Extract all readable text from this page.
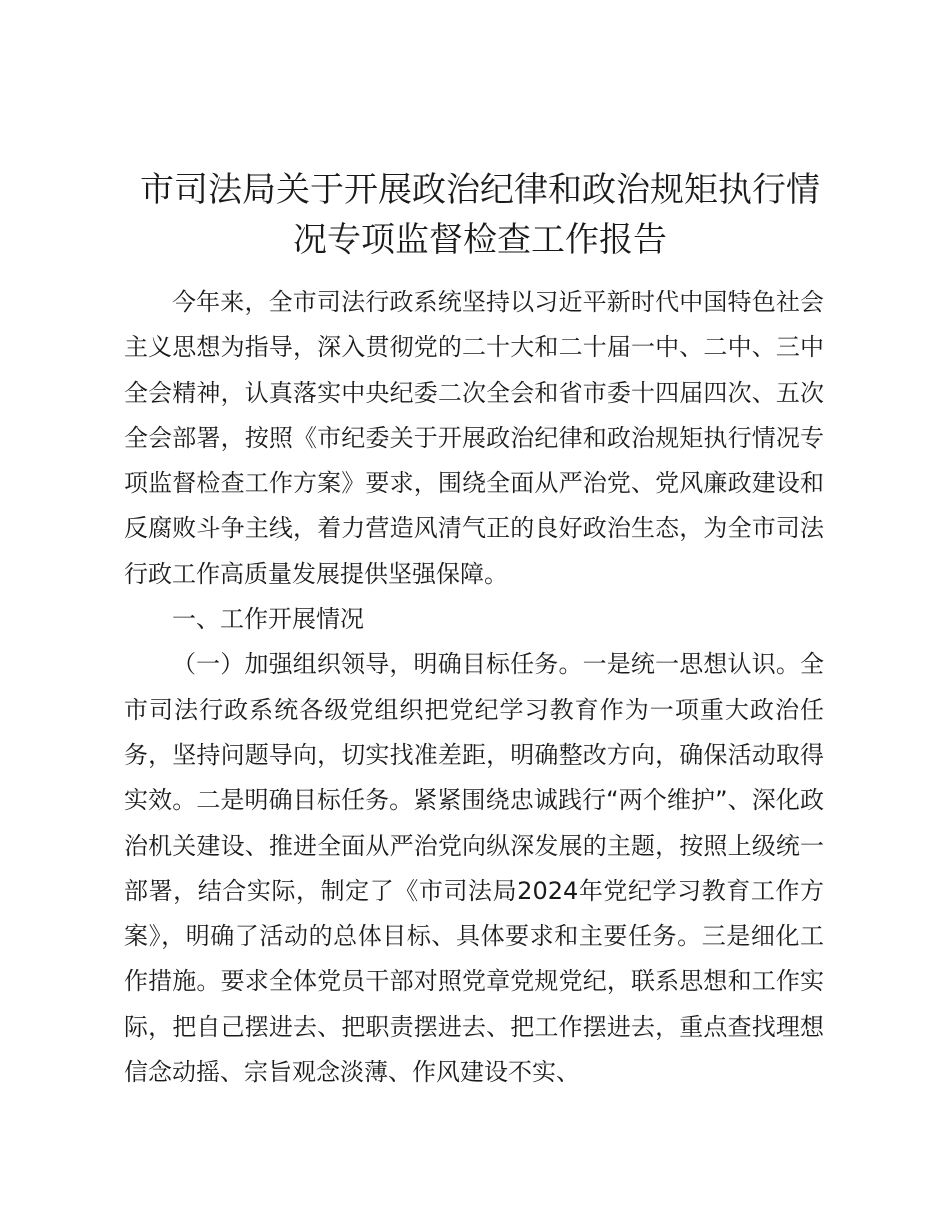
市司法局关于开展政治纪律和政治规矩执行情
况专项监督检查工作报告

今年来，全市司法行政系统坚持以习近平新时代中国特色社会主义思想为指导，深入贯彻党的二十大和二十届一中、二中、三中全会精神，认真落实中央纪委二次全会和省市委十四届四次、五次全会部署，按照《市纪委关于开展政治纪律和政治规矩执行情况专项监督检查工作方案》要求，围绕全面从严治党、党风廉政建设和反腐败斗争主线，着力营造风清气正的良好政治生态，为全市司法行政工作高质量发展提供坚强保障。

一、工作开展情况

（一）加强组织领导，明确目标任务。一是统一思想认识。全市司法行政系统各级党组织把党纪学习教育作为一项重大政治任务，坚持问题导向，切实找准差距，明确整改方向，确保活动取得实效。二是明确目标任务。紧紧围绕忠诚践行“两个维护”、深化政治机关建设、推进全面从严治党向纵深发展的主题，按照上级统一部署，结合实际，制定了《市司法局2024年党纪学习教育工作方案》，明确了活动的总体目标、具体要求和主要任务。三是细化工作措施。要求全体党员干部对照党章党规党纪，联系思想和工作实际，把自己摆进去、把职责摆进去、把工作摆进去，重点查找理想信念动摇、宗旨观念淡薄、作风建设不实、
